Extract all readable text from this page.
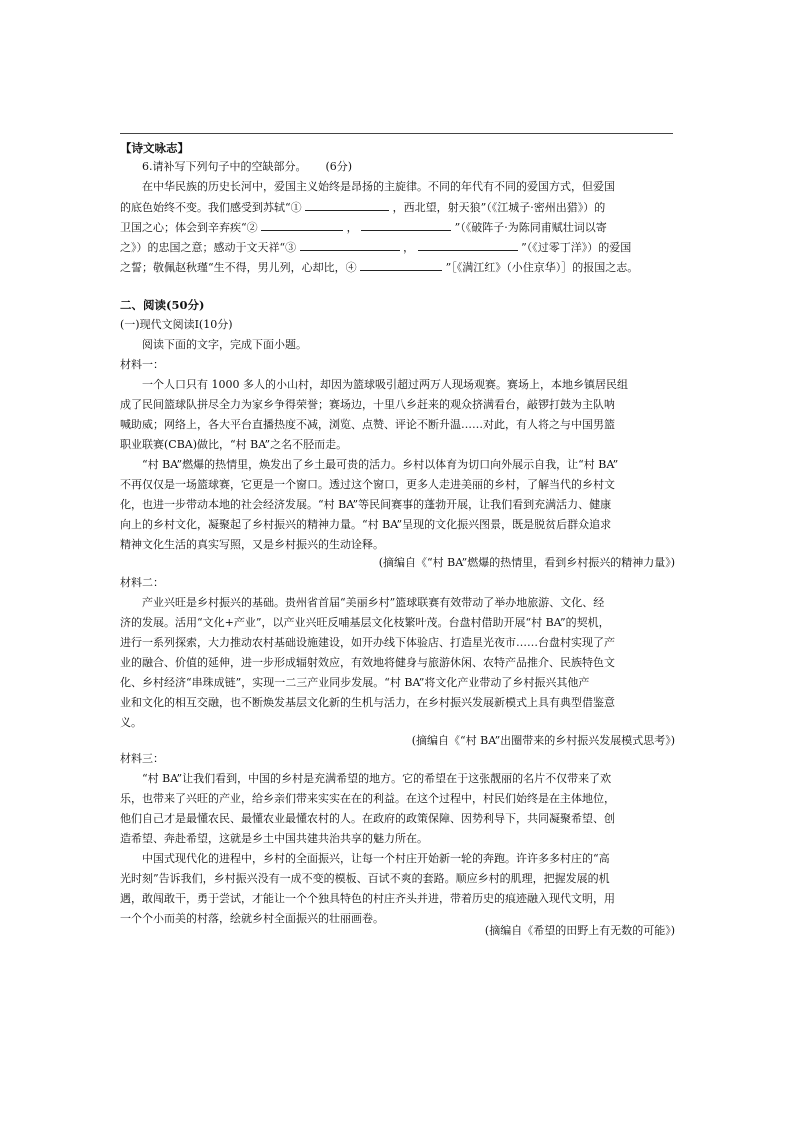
【诗文咏志】
6.请补写下列句子中的空缺部分。 (6分)
在中华民族的历史长河中，爱国主义始终是昂扬的主旋律。不同的年代有不同的爱国方式，但爱国
的底色始终不变。我们感受到苏轼“①	，西北望，射天狼”（《江城子·密州出猎》）的
卫国之心；体会到辛弃疾“②	，	”（《破阵子·为陈同甫赋壮词以寄
之》）的忠国之意；感动于文天祥“③	，	”（《过零丁洋》）的爱国
之誓；敬佩赵秋瑾“生不得，男儿列，心却比，④	”［《满江红》（小住京华）］的报国之志。
二、阅读(50分)
(一)现代文阅读Ⅰ(10分)
阅读下面的文字，完成下面小题。
材料一：
一个人口只有 1000 多人的小山村，却因为篮球吸引超过两万人现场观赛。赛场上，本地乡镇居民组
成了民间篮球队拼尽全力为家乡争得荣誉；赛场边，十里八乡赶来的观众挤满看台，敲锣打鼓为主队呐
喊助威；网络上，各大平台直播热度不减，浏览、点赞、评论不断升温……对此，有人将之与中国男篮
职业联赛(CBA)做比，“村 BA”之名不胫而走。
“村 BA”燃爆的热情里，焕发出了乡土最可贵的活力。乡村以体育为切口向外展示自我，让“村 BA”
不再仅仅是一场篮球赛，它更是一个窗口。透过这个窗口，更多人走进美丽的乡村，了解当代的乡村文
化，也进一步带动本地的社会经济发展。“村 BA”等民间赛事的蓬勃开展，让我们看到充满活力、健康
向上的乡村文化，凝聚起了乡村振兴的精神力量。“村 BA”呈现的文化振兴图景，既是脱贫后群众追求
精神文化生活的真实写照，又是乡村振兴的生动诠释。
(摘编自《“村 BA”燃爆的热情里，看到乡村振兴的精神力量》)
材料二：
产业兴旺是乡村振兴的基础。贵州省首届“美丽乡村”篮球联赛有效带动了举办地旅游、文化、经
济的发展。活用“文化+产业”，以产业兴旺反哺基层文化枝繁叶茂。台盘村借助开展“村 BA”的契机，
进行一系列探索，大力推动农村基础设施建设，如开办线下体验店、打造星光夜市……台盘村实现了产
业的融合、价值的延伸，进一步形成辐射效应，有效地将健身与旅游休闲、农特产品推介、民族特色文
化、乡村经济“串珠成链”，实现一二三产业同步发展。“村 BA”将文化产业带动了乡村振兴其他产
业和文化的相互交融，也不断焕发基层文化新的生机与活力，在乡村振兴发展新模式上具有典型借鉴意
义。
(摘编自《“村 BA”出圈带来的乡村振兴发展模式思考》)
材料三：
“村 BA”让我们看到，中国的乡村是充满希望的地方。它的希望在于这张靓丽的名片不仅带来了欢
乐，也带来了兴旺的产业，给乡亲们带来实实在在的利益。在这个过程中，村民们始终是在主体地位，
他们自己才是最懂农民、最懂农业最懂农村的人。在政府的政策保障、因势利导下，共同凝聚希望、创
造希望、奔赴希望，这就是乡土中国共建共治共享的魅力所在。
中国式现代化的进程中，乡村的全面振兴，让每一个村庄开始新一轮的奔跑。许许多多村庄的“高
光时刻”告诉我们，乡村振兴没有一成不变的模板、百试不爽的套路。顺应乡村的肌理，把握发展的机
遇，敢闯敢干，勇于尝试，才能让一个个独具特色的村庄齐头并进，带着历史的痕迹融入现代文明，用
一个个小而美的村落，绘就乡村全面振兴的壮丽画卷。
(摘编自《希望的田野上有无数的可能》)
